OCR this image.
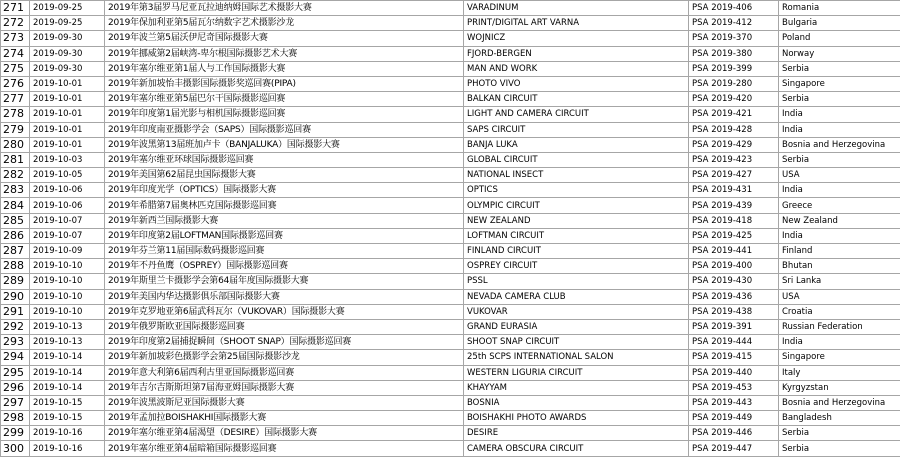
271	2019-09-25	2019年第3届罗马尼亚瓦拉迪纳姆国际艺术摄影大赛	VARADINUM	PSA 2019-406	Romania
272	2019-09-25	2019年保加利亚第5届瓦尔纳数字艺术摄影沙龙	PRINT/DIGITAL ART VARNA	PSA 2019-412	Bulgaria
273	2019-09-30	2019年波兰第5届沃伊尼奇国际摄影大赛	WOJNICZ	PSA 2019-370	Poland
274	2019-09-30	2019年挪威第2届峡湾-卑尔根国际摄影艺术大赛	FJORD-BERGEN	PSA 2019-380	Norway
275	2019-09-30	2019年塞尔维亚第1届人与工作国际摄影大赛	MAN AND WORK	PSA 2019-399	Serbia
276	2019-10-01	2019年新加坡怡丰摄影国际摄影奖巡回赛(PIPA)	PHOTO VIVO	PSA 2019-280	Singapore
277	2019-10-01	2019年塞尔维亚第5届巴尔干国际摄影巡回赛	BALKAN CIRCUIT	PSA 2019-420	Serbia
278	2019-10-01	2019年印度第1届光影与相机国际摄影巡回赛	LIGHT AND CAMERA CIRCUIT	PSA 2019-421	India
279	2019-10-01	2019年印度南亚摄影学会（SAPS）国际摄影巡回赛	SAPS CIRCUIT	PSA 2019-428	India
280	2019-10-01	2019年波黑第13届班加卢卡（BANJALUKA）国际摄影大赛	BANJA LUKA	PSA 2019-429	Bosnia and Herzegovina
281	2019-10-03	2019年塞尔维亚环球国际摄影巡回赛	GLOBAL CIRCUIT	PSA 2019-423	Serbia
282	2019-10-05	2019年美国第62届昆虫国际摄影大赛	NATIONAL INSECT	PSA 2019-427	USA
283	2019-10-06	2019年印度光学（OPTICS）国际摄影大赛	OPTICS	PSA 2019-431	India
284	2019-10-06	2019年希腊第7届奥林匹克国际摄影巡回赛	OLYMPIC CIRCUIT	PSA 2019-439	Greece
285	2019-10-07	2019年新西兰国际摄影大赛	NEW ZEALAND	PSA 2019-418	New Zealand
286	2019-10-07	2019年印度第2届LOFTMAN国际摄影巡回赛	LOFTMAN CIRCUIT	PSA 2019-425	India
287	2019-10-09	2019年芬兰第11届国际数码摄影巡回赛	FINLAND CIRCUIT	PSA 2019-441	Finland
288	2019-10-10	2019年不丹鱼鹰（OSPREY）国际摄影巡回赛	OSPREY CIRCUIT	PSA 2019-400	Bhutan
289	2019-10-10	2019年斯里兰卡摄影学会第64届年度国际摄影大赛	PSSL	PSA 2019-430	Sri Lanka
290	2019-10-10	2019年美国内华达摄影俱乐部国际摄影大赛	NEVADA CAMERA CLUB	PSA 2019-436	USA
291	2019-10-10	2019年克罗地亚第6届武科瓦尔（VUKOVAR）国际摄影大赛	VUKOVAR	PSA 2019-438	Croatia
292	2019-10-13	2019年俄罗斯欧亚国际摄影巡回赛	GRAND EURASIA	PSA 2019-391	Russian Federation
293	2019-10-13	2019年印度第2届捕捉瞬间（SHOOT SNAP）国际摄影巡回赛	SHOOT SNAP CIRCUIT	PSA 2019-444	India
294	2019-10-14	2019年新加坡彩色摄影学会第25届国际摄影沙龙	25th SCPS INTERNATIONAL SALON	PSA 2019-415	Singapore
295	2019-10-14	2019年意大利第6届西利古里亚国际摄影巡回赛	WESTERN LIGURIA CIRCUIT	PSA 2019-440	Italy
296	2019-10-14	2019年吉尔吉斯斯坦第7届海亚姆国际摄影大赛	KHAYYAM	PSA 2019-453	Kyrgyzstan
297	2019-10-15	2019年波黑波斯尼亚国际摄影大赛	BOSNIA	PSA 2019-443	Bosnia and Herzegovina
298	2019-10-15	2019年孟加拉BOISHAKHI国际摄影大赛	BOISHAKHI PHOTO AWARDS	PSA 2019-449	Bangladesh
299	2019-10-16	2019年塞尔维亚第4届渴望（DESIRE）国际摄影大赛	DESIRE	PSA 2019-446	Serbia
300	2019-10-16	2019年塞尔维亚第4届暗箱国际摄影巡回赛	CAMERA OBSCURA CIRCUIT	PSA 2019-447	Serbia
